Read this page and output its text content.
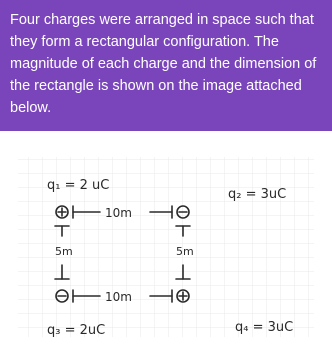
Four charges were arranged in space such that they form a rectangular configuration. The magnitude of each charge and the dimension of the rectangle is shown on the image attached below.

q₁ = 2 uC
q₂ = 3uC
q₃ = 2uC	q₄ = 3uC
10m
10m
5m	5m
